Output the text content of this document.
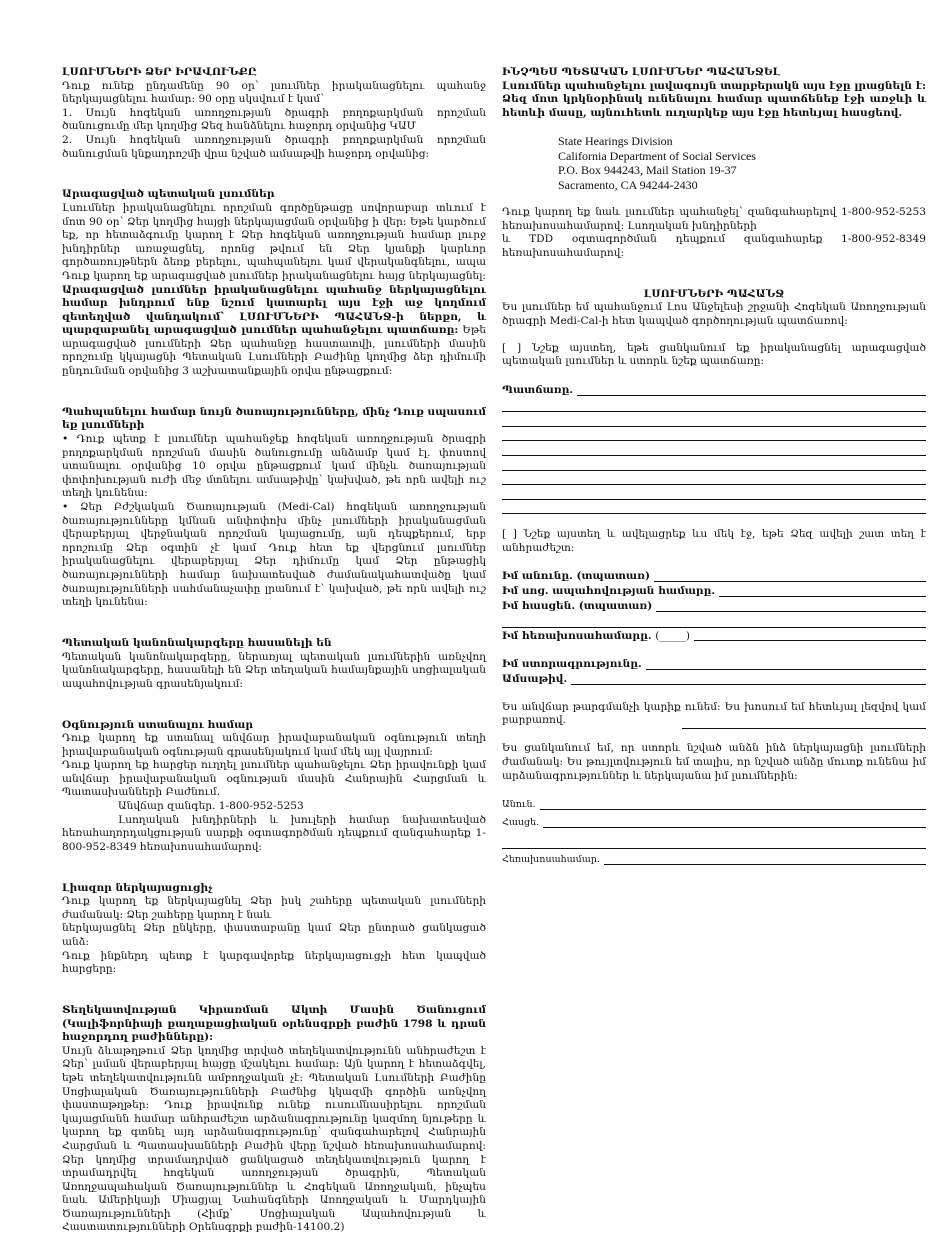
ԼՍՈՒՄՆԵՐԻ ՁԵՐ ԻՐԱՎՈՒՆՔԸ

Դուք ունեք ընդամենը 90 օր՝ լսումներ իրականացնելու պահանջ ներկայացնելու համար: 90 օրը սկսվում է կամ՝

1. Սույն հոգեկան առողջության ծրագրի բողոքարկման որոշման ծանուցումը մեր կողմից Ձեզ հանձնելու հաջորդ օրվանից ԿԱՄ

2. Սույն հոգեկան առողջության ծրագրի բողոքարկման որոշման ծանուցման կնքադրոշմի վրա նշված ամսաթվի հաջորդ օրվանից:

Արագացված պետական լսումներ

Լսումներ իրականացնելու որոշման գործընթացը սովորաբար տևում է մոտ 90 օր՝ Ձեր կողմից հայցի ներկայացման օրվանից ի վեր: Եթե կարծում եք, որ հետաձգումը կարող է Ձեր հոգեկան առողջության համար լուրջ խնդիրներ առաջացնել, որոնց թվում են Ձեր կյանքի կարևոր գործառույթներն ձեռք բերելու, պահպանելու կամ վերականգնելու, ապա Դուք կարող եք արագացված լսումներ իրականացնելու հայց ներկայացնել: Արագացված լսումներ իրականացնելու պահանջ ներկայացնելու համար խնդրում ենք նշում կատարել այս էջի աջ կողմում զետեղված վանդակում՝ ԼՍՈՒՄՆԵՐԻ ՊԱՀԱՆՋ-ի ներքո, և պարզաբանել արագացված լսումներ պահանջելու պատճառը: Եթե արագացված լսումների Ձեր պահանջը հաստատվի, լսումների մասին որոշումը կկայացնի Պետական Լսումների Բաժինը կողմից ձեր դիմումի ընդունման օրվանից 3 աշխատանքային օրվա ընթացքում:

Պահպանելու համար նույն ծառայությունները, մինչ Դուք սպասում եք լսումների

• Դուք պետք է լսումներ պահանջեք հոգեկան առողջության ծրագրի բողոքարկման որոշման մասին ծանուցումը անձամբ կամ էլ. փոստով ստանալու օրվանից 10 օրվա ընթացքում կամ մինչև ծառայության փոփոխության ուժի մեջ մտնելու ամսաթիվը՝ կախված, թե որն ավելի ուշ տեղի կունենա:

• Ձեր Բժշկական Ծառայության (Medi-Cal) հոգեկան առողջության ծառայությունները կմնան անփոփոխ մինչ լսումների իրականացման վերաբերյալ վերջնական որոշման կայացումը, այն դեպքերում, երբ որոշումը Ձեր օգտին չէ կամ Դուք հետ եք վերցնում լսումներ իրականացնելու վերաբերյալ Ձեր դիմումը կամ Ձեր ընթացիկ ծառայությունների համար նախատեսված ժամանակահատվածը կամ ծառայությունների սահմանաչափը լրանում է՝ կախված, թե որն ավելի ուշ տեղի կունենա:

Պետական կանոնակարգերը հասանելի են

Պետական կանոնակարգերը, ներառյալ պետական լսումներին առնչվող կանոնակարգերը, հասանելի են Ձեր տեղական համայնքային սոցիալական ապահովության գրասենյակում:

Օգնություն ստանալու համար

Դուք կարող եք ստանալ անվճար իրավաբանական օգնություն տեղի իրավաբանական օգնության գրասենյակում կամ մեկ այլ վայրում:

Դուք կարող եք հարցեր ուղղել լսումներ պահանջելու Ձեր իրավունքի կամ անվճար իրավաբանական օգնության մասին Հանրային Հարցման և Պատասխանների Բաժնում.

Անվճար զանգեր. 1-800-952-5253

Լսողական խնդիրների և խուլերի համար նախատեսված հեռահաղորդակցության սարքի օգտագործման դեպքում զանգահարեք 1-800-952-8349 հեռախոսահամարով:

Լիազոր ներկայացուցիչ

Դուք կարող եք ներկայացնել Ձեր իսկ շահերը պետական լսումների ժամանակ: Ձեր շահերը կարող է նաև

ներկայացնել Ձեր ընկերը, փաստաբանը կամ Ձեր ընտրած ցանկացած անձ:

Դուք ինքներդ պետք է կարգավորեք ներկայացուցչի հետ կապված հարցերը:

Տեղեկատվության Կիրառման Ակտի Մասին Ծանուցում (Կալիֆորնիայի քաղաքացիական օրենսգրքի բաժին 1798 և դրան հաջորդող բաժինները):

Սույն ձևաթղթում Ձեր կողմից տրված տեղեկատվությունն անհրաժեշտ է Ձեր՝ լսման վերաբերյալ հայցը մշակելու համար: Այն կարող է հետաձգվել, եթե տեղեկատվությունն ամբողջական չէ: Պետական Լսումների Բաժինը Սոցիալական Ծառայությունների Բաժնից կկազմի գործին առնչվող փաստաթղթեր: Դուք իրավունք ունեք ուսումնասիրելու որոշման կայացմանն համար անհրաժեշտ արձանագրությունը կազմող նյութերը և կարող եք գտնել այդ արձանագրությունը՝ զանգահարելով Հանրային Հարցման և Պատասխանների Բաժին վերը նշված հեռախոսահամարով: Ձեր կողմից տրամադրված ցանկացած տեղեկատվություն կարող է տրամադրվել հոգեկան առողջության ծրագրին, Պետական Առողջապահական Ծառայություններ և Հոգեկան Առողջական, ինչպես նաև Ամերիկայի Միացյալ Նահանգների Առողջական և Մարդկային Ծառայությունների (Հիմք՝ Սոցիալական Ապահովության և Հաստատությունների Օրենսգրքի բաժին-14100.2)

ԻՆՉՊԵՍ ՊԵՏԱԿԱՆ ԼՍՈՒՄՆԵՐ ՊԱՀԱՆՋԵԼ

Լսումներ պահանջելու լավագույն տարբերակն այս էջը լրացնելն է: Ձեզ մոտ կրկնօրինակ ունենալու համար պատճենեք էջի առջևի և հետևի մասը, այնուհետև ուղարկեք այս էջը հետևյալ հասցեով.

State Hearings Division
California Department of Social Services
P.O. Box 944243, Mail Station 19-37
Sacramento, CA 94244-2430

Դուք կարող եք նաև լսումներ պահանջել՝ զանգահարելով 1-800-952-5253 հեռախոսահամարով: Լսողական խնդիրների

և TDD օգտագործման դեպքում զանգահարեք 1-800-952-8349 հեռախոսահամարով:

ԼՍՈՒՄՆԵՐԻ ՊԱՀԱՆՋ

Ես լսումներ եմ պահանջում Լոս Անջելեսի շրջանի Հոգեկան Առողջության ծրագրի Medi-Cal-ի հետ կապված գործողության պատճառով:

[ ] Նշեք այստեղ, եթե ցանկանում եք իրականացնել արագացված պետական լսումներ և ստորև նշեք պատճառը:

Պատճառը.

[ ] Նշեք այստեղ և ավելացրեք ևս մեկ էջ, եթե Ձեզ ավելի շատ տեղ է անհրաժեշտ:

Իմ անունը. (տպատառ)
Իմ սոց. ապահովության համարը.
Իմ հասցեն. (տպատառ)
Իմ հեռախոսահամարը. (_____)
Իմ ստորագրությունը.
Ամսաթիվ.

Ես անվճար թարգմանչի կարիք ունեմ: Ես խոսում եմ հետևյալ լեզվով կամ բարբառով.

Ես ցանկանում եմ, որ ստորև նշված անձն ինձ ներկայացնի լսումների ժամանակ: Ես թույլտվություն եմ տալիս, որ նշված անձը մուտք ունենա իմ արձանագրություններ և ներկայանա իմ լսումներին:

Անուն.
Հասցե.
Հեռախոսահամար.
